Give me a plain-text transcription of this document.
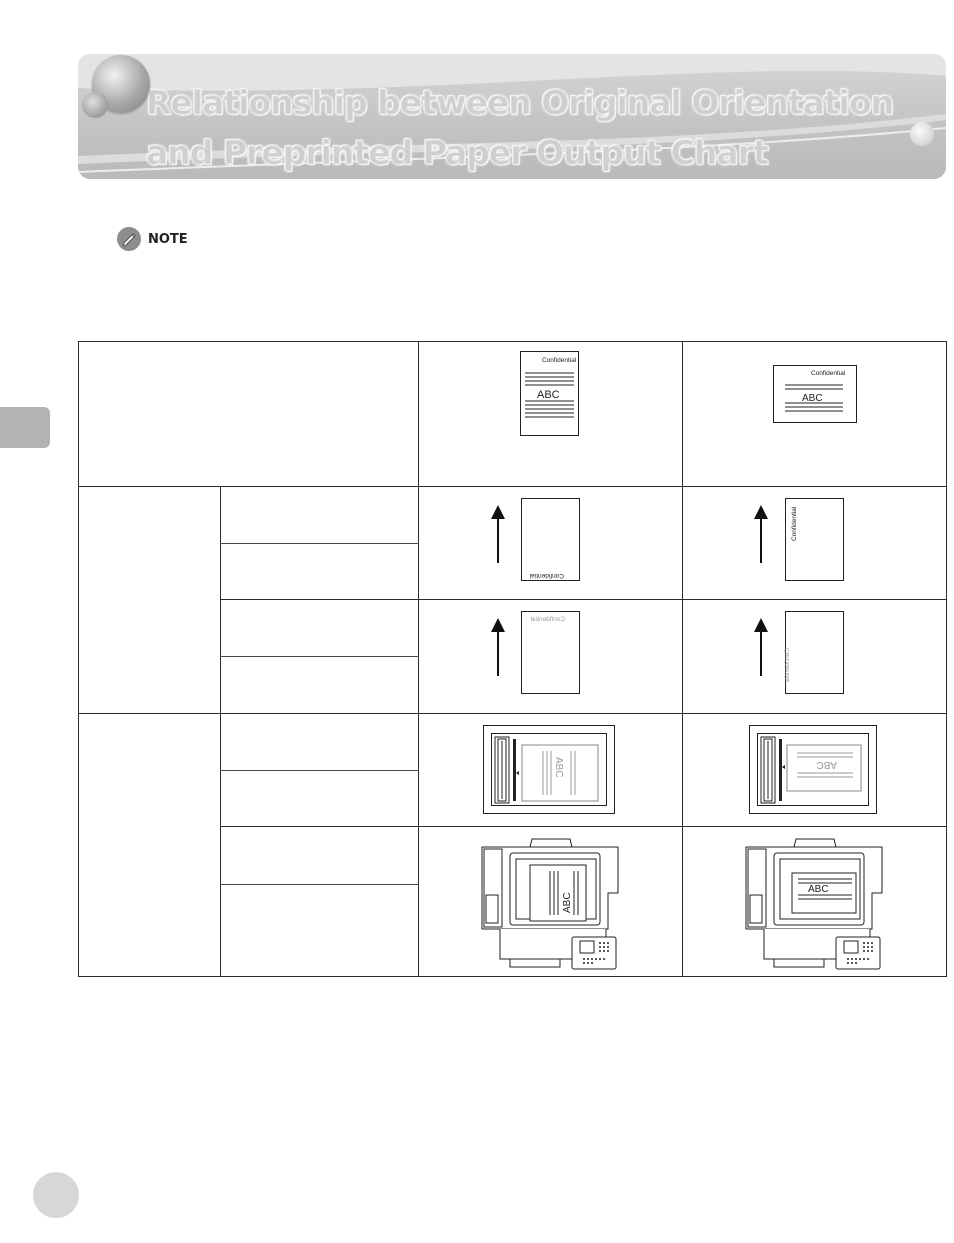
Relationship between Original Orientation
and Preprinted Paper Output Chart
NOTE
Confidential
ABC
Confidential
ABC
Confidential
Confidential
Confidential
Confidential
ABC	ABC
ABC
ABC
